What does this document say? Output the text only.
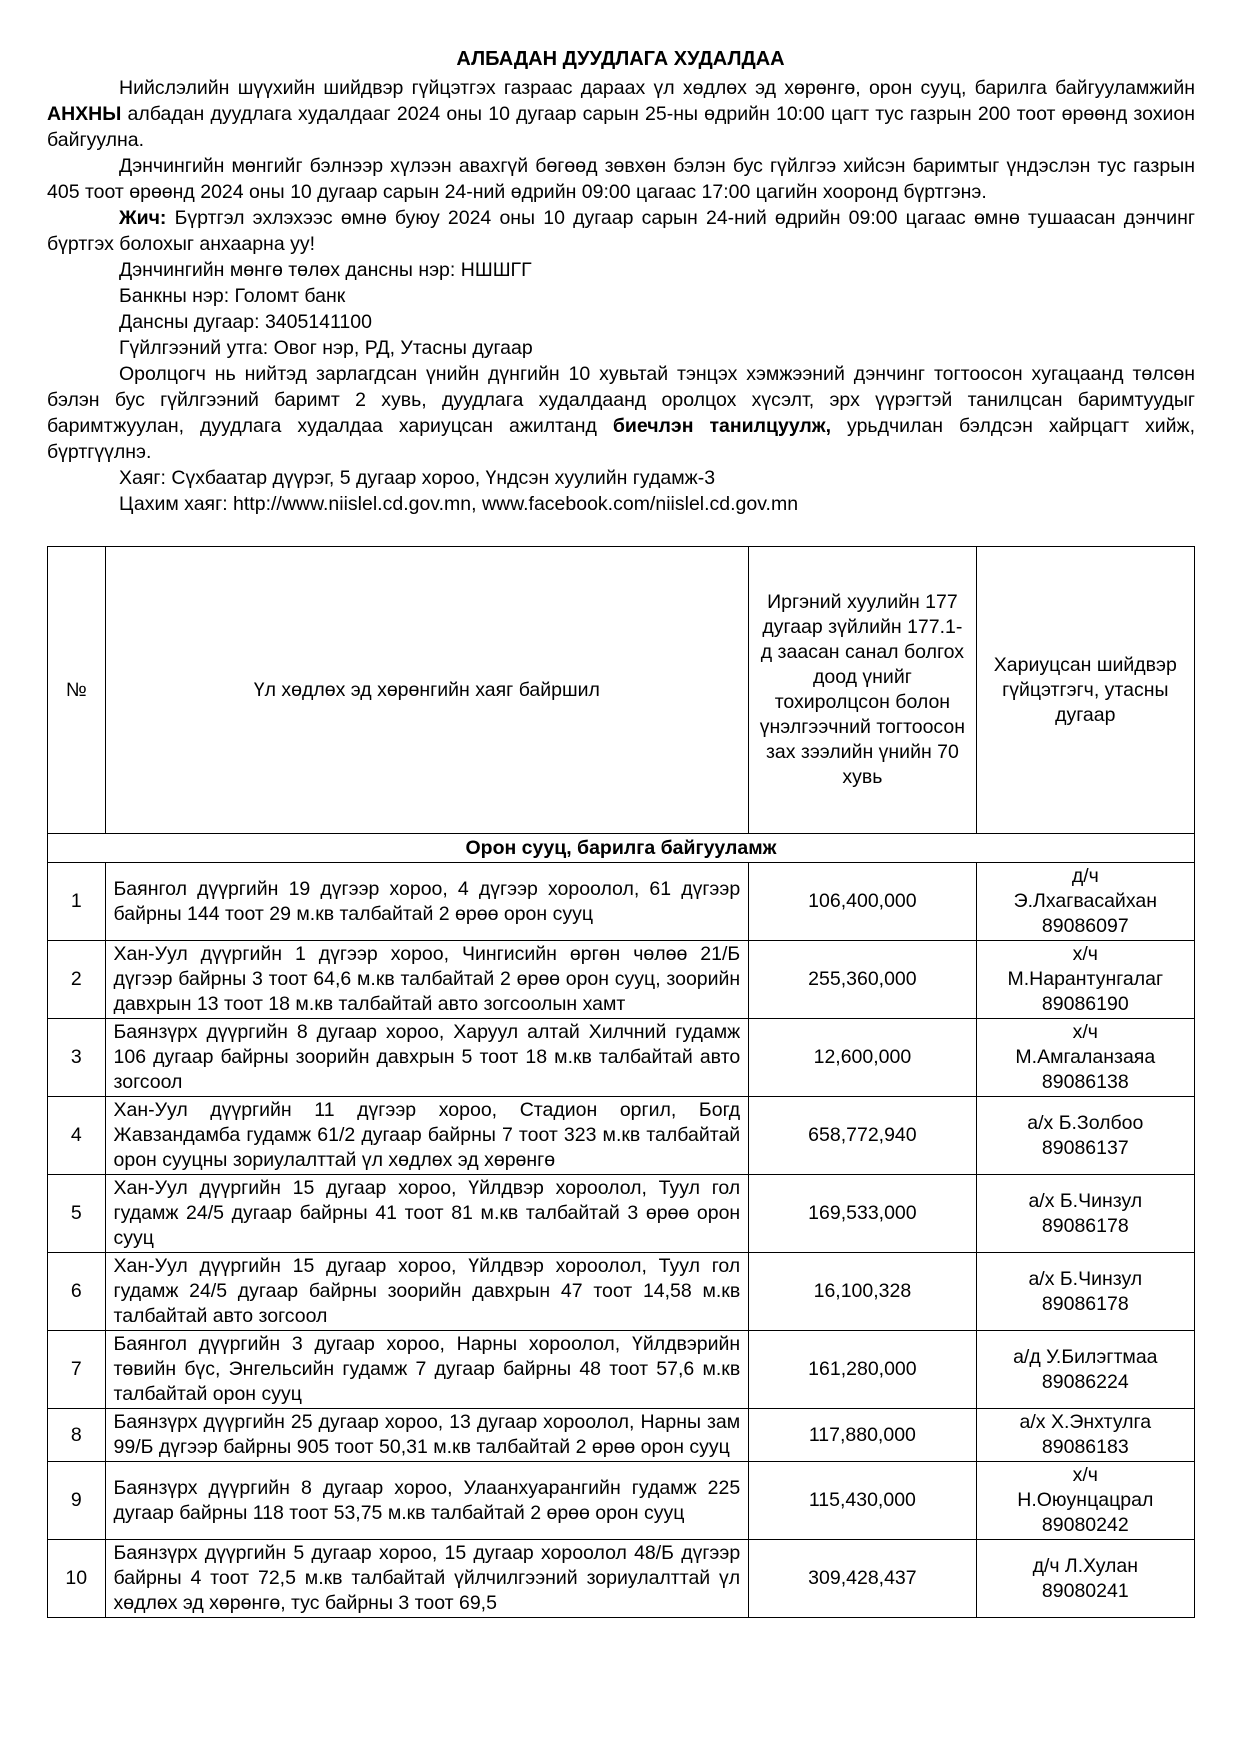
АЛБАДАН ДУУДЛАГА ХУДАЛДАА

Нийслэлийн шүүхийн шийдвэр гүйцэтгэх газраас дараах үл хөдлөх эд хөрөнгө, орон сууц, барилга байгууламжийн АНХНЫ албадан дуудлага худалдааг 2024 оны 10 дугаар сарын 25-ны өдрийн 10:00 цагт тус газрын 200 тоот өрөөнд зохион байгуулна.

Дэнчингийн мөнгийг бэлнээр хүлээн авахгүй бөгөөд зөвхөн бэлэн бус гүйлгээ хийсэн баримтыг үндэслэн тус газрын 405 тоот өрөөнд 2024 оны 10 дугаар сарын 24-ний өдрийн 09:00 цагаас 17:00 цагийн хооронд бүртгэнэ.

Жич: Бүртгэл эхлэхээс өмнө буюу 2024 оны 10 дугаар сарын 24-ний өдрийн 09:00 цагаас өмнө тушаасан дэнчинг бүртгэх болохыг анхаарна уу!

Дэнчингийн мөнгө төлөх дансны нэр: НШШГГ

Банкны нэр: Голомт банк

Дансны дугаар: 3405141100

Гүйлгээний утга: Овог нэр, РД, Утасны дугаар

Оролцогч нь нийтэд зарлагдсан үнийн дүнгийн 10 хувьтай тэнцэх хэмжээний дэнчинг тогтоосон хугацаанд төлсөн бэлэн бус гүйлгээний баримт 2 хувь, дуудлага худалдаанд оролцох хүсэлт, эрх үүрэгтэй танилцсан баримтуудыг баримтжуулан, дуудлага худалдаа хариуцсан ажилтанд биечлэн танилцуулж, урьдчилан бэлдсэн хайрцагт хийж, бүртгүүлнэ.

Хаяг: Сүхбаатар дүүрэг, 5 дугаар хороо, Үндсэн хуулийн гудамж-3

Цахим хаяг: http://www.niislel.cd.gov.mn, www.facebook.com/niislel.cd.gov.mn

№	Үл хөдлөх эд хөрөнгийн хаяг байршил	Иргэний хуулийн 177 дугаар зүйлийн 177.1-д заасан санал болгох доод үнийг тохиролцсон болон үнэлгээчний тогтоосон зах зээлийн үнийн 70 хувь	Хариуцсан шийдвэр гүйцэтгэгч, утасны дугаар
Орон сууц, барилга байгууламж			
1	Баянгол дүүргийн 19 дүгээр хороо, 4 дүгээр хороолол, 61 дүгээр байрны 144 тоот 29 м.кв талбайтай 2 өрөө орон сууц	106,400,000	д/ч
Э.Лхагвасайхан
89086097
2	Хан-Уул дүүргийн 1 дүгээр хороо, Чингисийн өргөн чөлөө 21/Б дүгээр байрны 3 тоот 64,6 м.кв талбайтай 2 өрөө орон сууц, зоорийн давхрын 13 тоот 18 м.кв талбайтай авто зогсоолын хамт	255,360,000	х/ч
М.Нарантунгалаг
89086190
3	Баянзүрх дүүргийн 8 дугаар хороо, Харуул алтай Хилчний гудамж 106 дугаар байрны зоорийн давхрын 5 тоот 18 м.кв талбайтай авто зогсоол	12,600,000	х/ч
М.Амгаланзаяа
89086138
4	Хан-Уул дүүргийн 11 дүгээр хороо, Стадион оргил, Богд Жавзандамба гудамж 61/2 дугаар байрны 7 тоот 323 м.кв талбайтай орон сууцны зориулалттай үл хөдлөх эд хөрөнгө	658,772,940	а/х Б.Золбоо
89086137
5	Хан-Уул дүүргийн 15 дугаар хороо, Үйлдвэр хороолол, Туул гол гудамж 24/5 дугаар байрны 41 тоот 81 м.кв талбайтай 3 өрөө орон сууц	169,533,000	а/х Б.Чинзул
89086178
6	Хан-Уул дүүргийн 15 дугаар хороо, Үйлдвэр хороолол, Туул гол гудамж 24/5 дугаар байрны зоорийн давхрын 47 тоот 14,58 м.кв талбайтай авто зогсоол	16,100,328	а/х Б.Чинзул
89086178
7	Баянгол дүүргийн 3 дугаар хороо, Нарны хороолол, Үйлдвэрийн төвийн бүс, Энгельсийн гудамж 7 дугаар байрны 48 тоот 57,6 м.кв талбайтай орон сууц	161,280,000	а/д У.Билэгтмаа
89086224
8	Баянзүрх дүүргийн 25 дугаар хороо, 13 дугаар хороолол, Нарны зам 99/Б дүгээр байрны 905 тоот 50,31 м.кв талбайтай 2 өрөө орон сууц	117,880,000	а/х Х.Энхтулга
89086183
9	Баянзүрх дүүргийн 8 дугаар хороо, Улаанхуарангийн гудамж 225 дугаар байрны 118 тоот 53,75 м.кв талбайтай 2 өрөө орон сууц	115,430,000	х/ч
Н.Оюунцацрал
89080242
10	Баянзүрх дүүргийн 5 дугаар хороо, 15 дугаар хороолол 48/Б дүгээр байрны 4 тоот 72,5 м.кв талбайтай үйлчилгээний зориулалттай үл хөдлөх эд хөрөнгө, тус байрны 3 тоот 69,5	309,428,437	д/ч Л.Хулан
89080241
